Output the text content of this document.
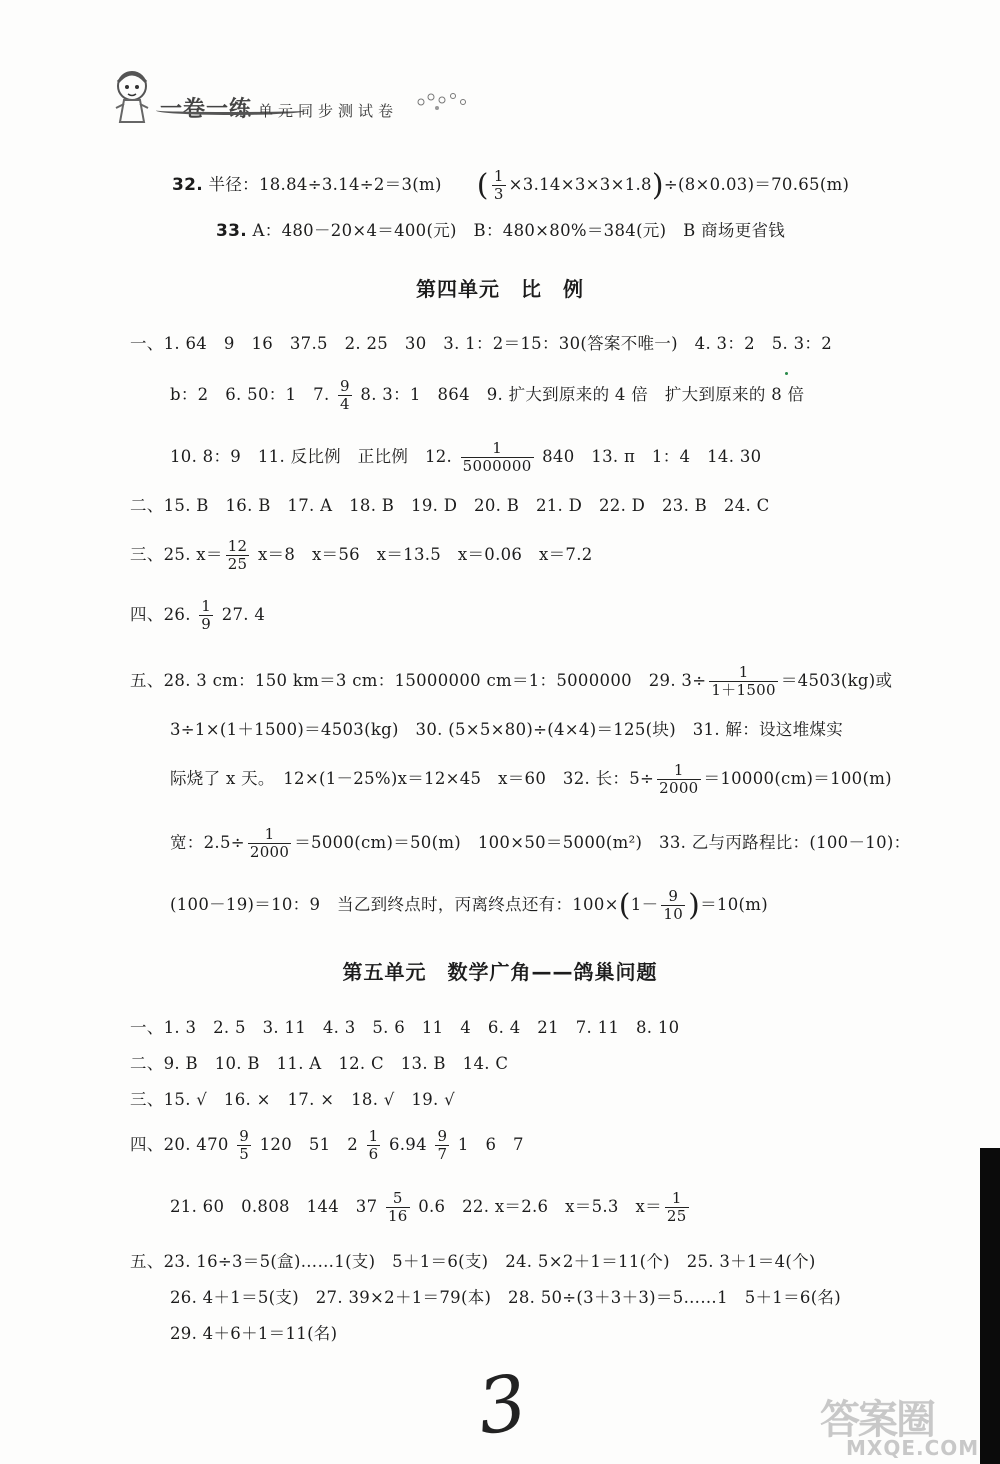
一卷一练 单元同步测试卷
32. 半径：18.84÷3.14÷2＝3(m) ( $\frac{1}{3} \times 3.14\times 3\times 3\times 1.8)\div(8\times 0.03)=70.65(m)$
33. A：480－20×4＝400(元)　B：480×80%＝384(元)　B 商场更省钱
第四单元　比　例
一、1. 64　9　16　37.5　2. 25　30　3. 1：2＝15：30(答案不唯一)　4. 3：2　5. 3：2
b：2　6. 50：1　7. $\frac{9}{4} 8$. 3：1　864　9. 扩大到原来的 4 倍　扩大到原来的 8 倍
10. 8：9　11. 反比例　正比例　12. $\frac{1}{5000000} 840$　13. π　1：4　14. 30
二、15. B　16. B　17. A　18. B　19. D　20. B　21. D　22. D　23. B　24. C
三、25. $x= \frac{12}{25} x=8$　x＝56　x＝13.5　x＝0.06　x＝7.2
四、26. $\frac{1}{9} 27$. 4
五、28. 3 cm：150 km＝3 cm：15000000 cm＝1：5000000　29. $3\div \frac{1}{1+1500} =4503(kg)$或
3÷1×(1＋1500)＝4503(kg)　30. (5×5×80)÷(4×4)＝125(块)　31. 解：设这堆煤实
际烧了 x 天。　12×(1－25%)x＝12×45　x＝60　32. 长：$5\div \frac{1}{2000} =10000(cm)=100(m)$
宽：$2.5\div \frac{1}{2000} =5000(cm)=50(m)$　100×50＝5000(m²)　33. 乙与丙路程比：(100－10)：
(100－19)＝10：9　当乙到终点时，丙离终点还有：$100\times(1- \frac{9}{10} )=10(m)$
第五单元　数学广角——鸽巢问题
一、1. 3　2. 5　3. 11　4. 3　5. 6　11　4　6. 4　21　7. 11　8. 10
二、9. B　10. B　11. A　12. C　13. B　14. C
三、15. √　16. ×　17. ×　18. √　19. √
四、20. $470 \frac{9}{5} 120$　51　$2 \frac{1}{6} 6.94 \frac{9}{7} 1$　6　7
21. 60　0.808　144　$37 \frac{5}{16} 0.6$　22. x＝2.6　x＝5.3　$x= \frac{1}{25}$
五、23. 16÷3＝5(盒)……1(支)　5＋1＝6(支)　24. 5×2＋1＝11(个)　25. 3＋1＝4(个)
26. 4＋1＝5(支)　27. 39×2＋1＝79(本)　28. 50÷(3＋3＋3)＝5……1　5＋1＝6(名)
29. 4＋6＋1＝11(名)
3	答案圈
MXQE.COM
